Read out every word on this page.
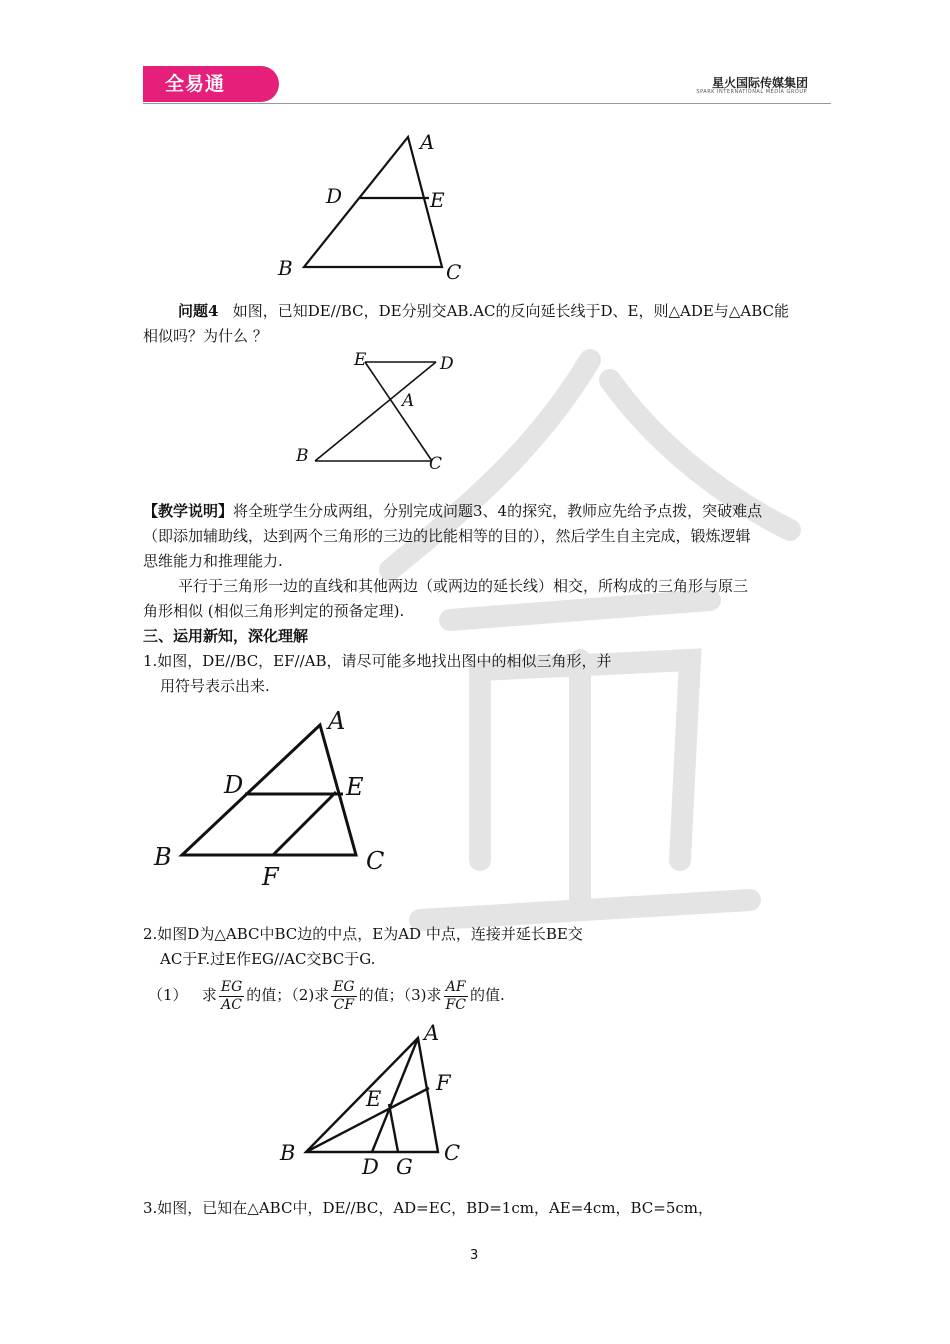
全易通	星火国际传媒集团
SPARK INTERNATIONAL MEDIA GROUP
A
D	E
B	C
问题4 如图，已知DE//BC，DE分别交AB.AC的反向延长线于D、E，则△ADE与△ABC能
相似吗？为什么 ？
E	D
A
B	C
【教学说明】将全班学生分成两组，分别完成问题3、4的探究，教师应先给予点拨，突破难点
（即添加辅助线，达到两个三角形的三边的比能相等的目的），然后学生自主完成，锻炼逻辑
思维能力和推理能力.
平行于三角形一边的直线和其他两边（或两边的延长线）相交，所构成的三角形与原三
角形相似 (相似三角形判定的预备定理).
三、运用新知，深化理解
1.如图，DE//BC，EF//AB，请尽可能多地找出图中的相似三角形，并
用符号表示出来.
A
D	E
B	C
F
2.如图D为△ABC中BC边的中点，E为AD 中点，连接并延长BE交
AC于F.过E作EG//AC交BC于G.
（1） 求 $\frac{EG}{AC}$ 的值；（2)求 $\frac{EG}{CF}$ 的值；（3)求 $\frac{AF}{FC}$ 的值.
A
F
E
B	C
D G
3.如图，已知在△ABC中，DE//BC，AD=EC，BD=1cm，AE=4cm，BC=5cm，
3
